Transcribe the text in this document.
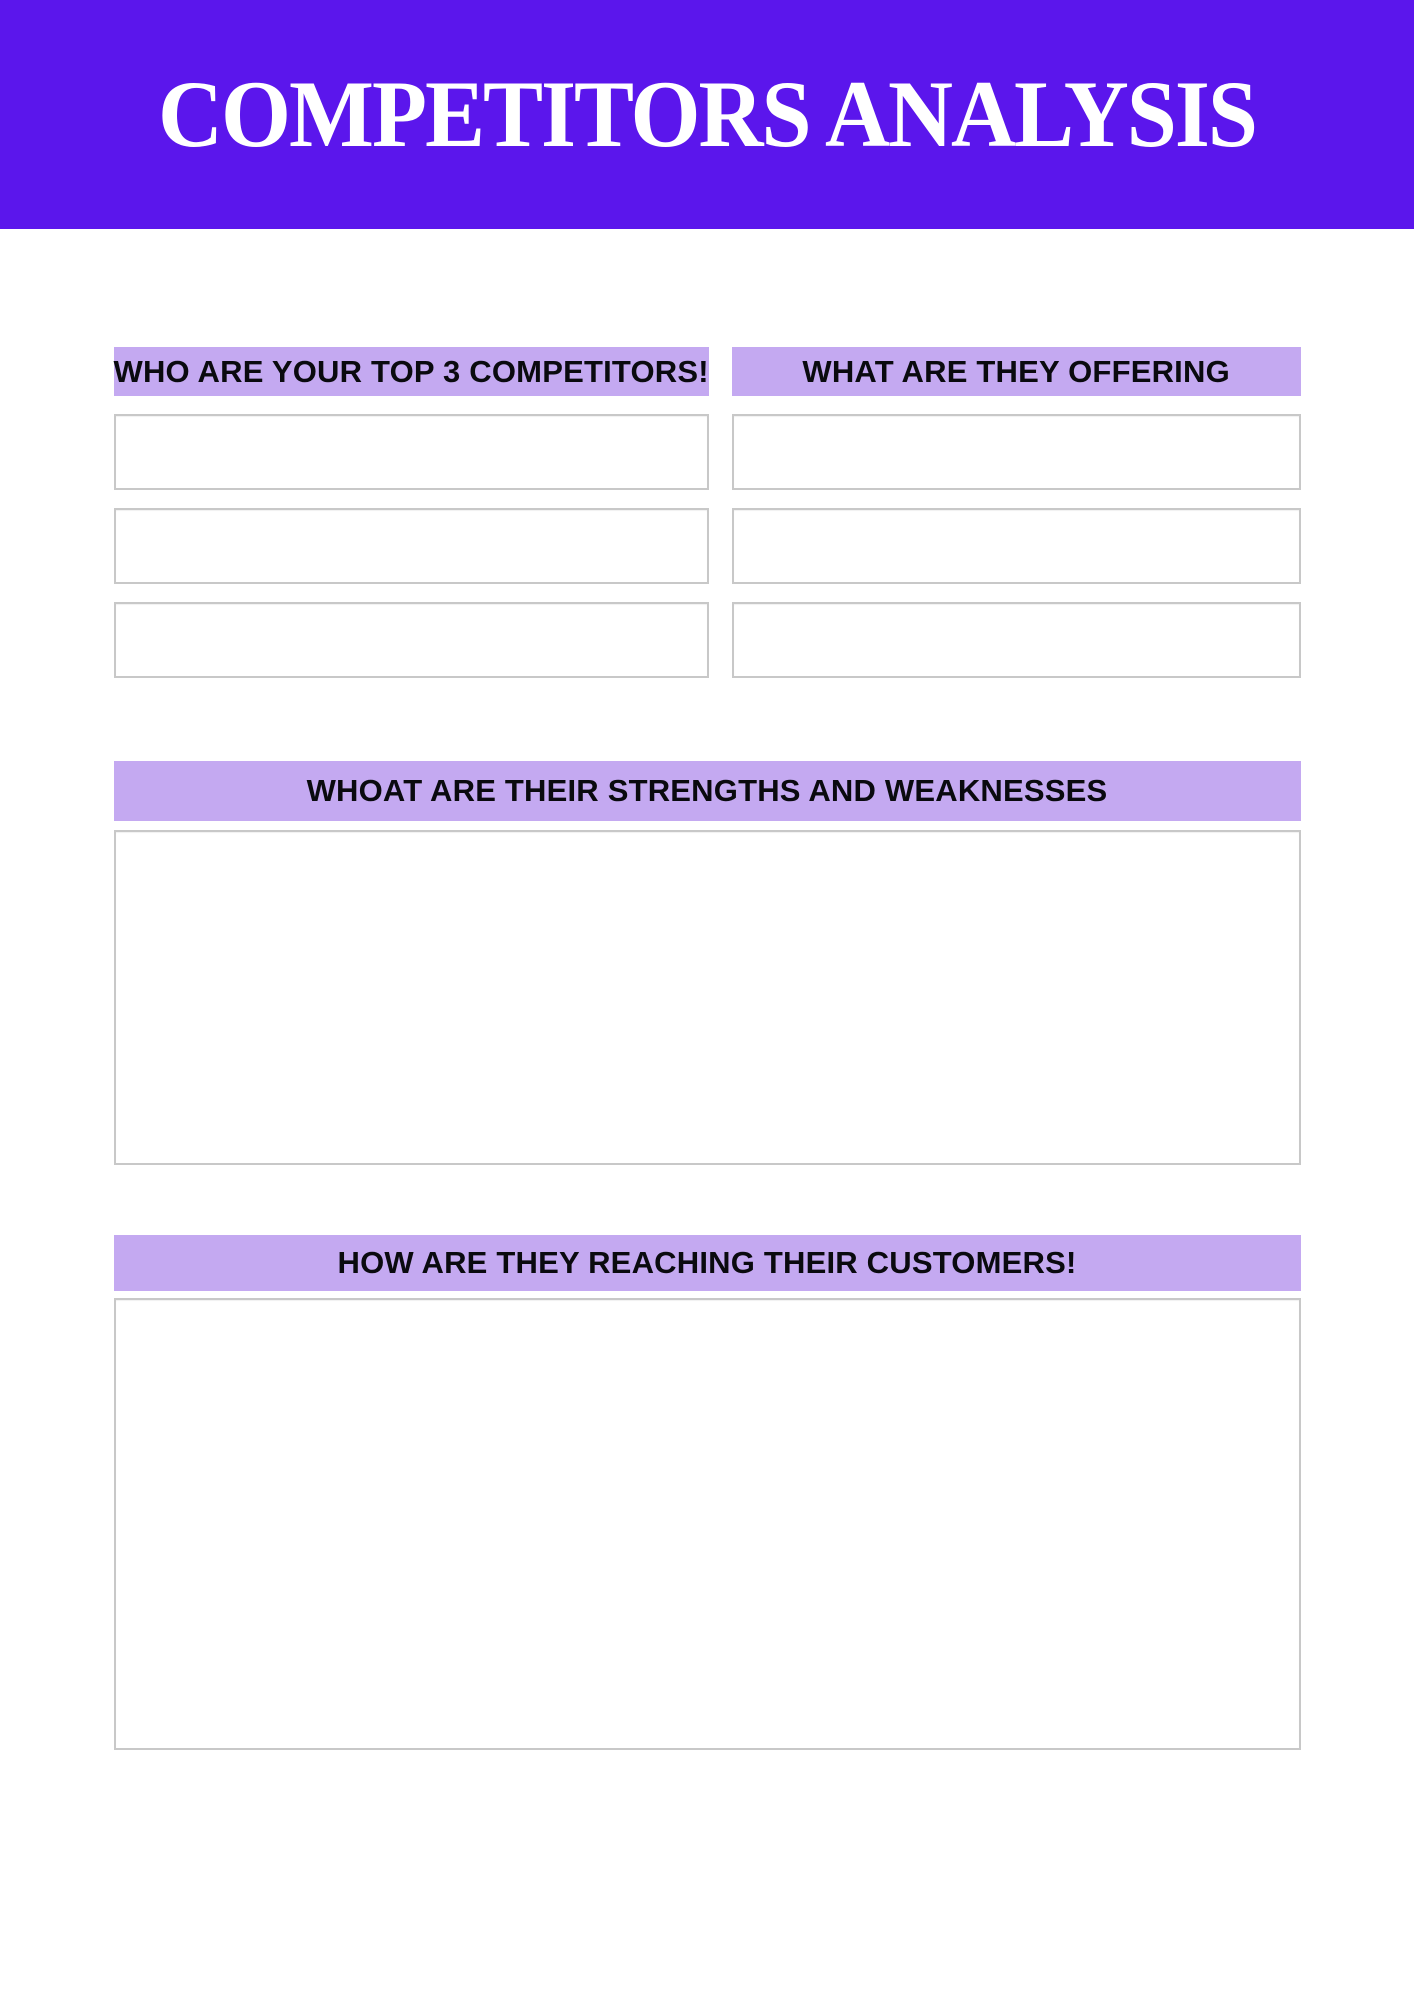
COMPETITORS ANALYSIS
WHO ARE YOUR TOP 3 COMPETITORS!	WHAT ARE THEY OFFERING
WHOAT ARE THEIR STRENGTHS AND WEAKNESSES
HOW ARE THEY REACHING THEIR CUSTOMERS!
